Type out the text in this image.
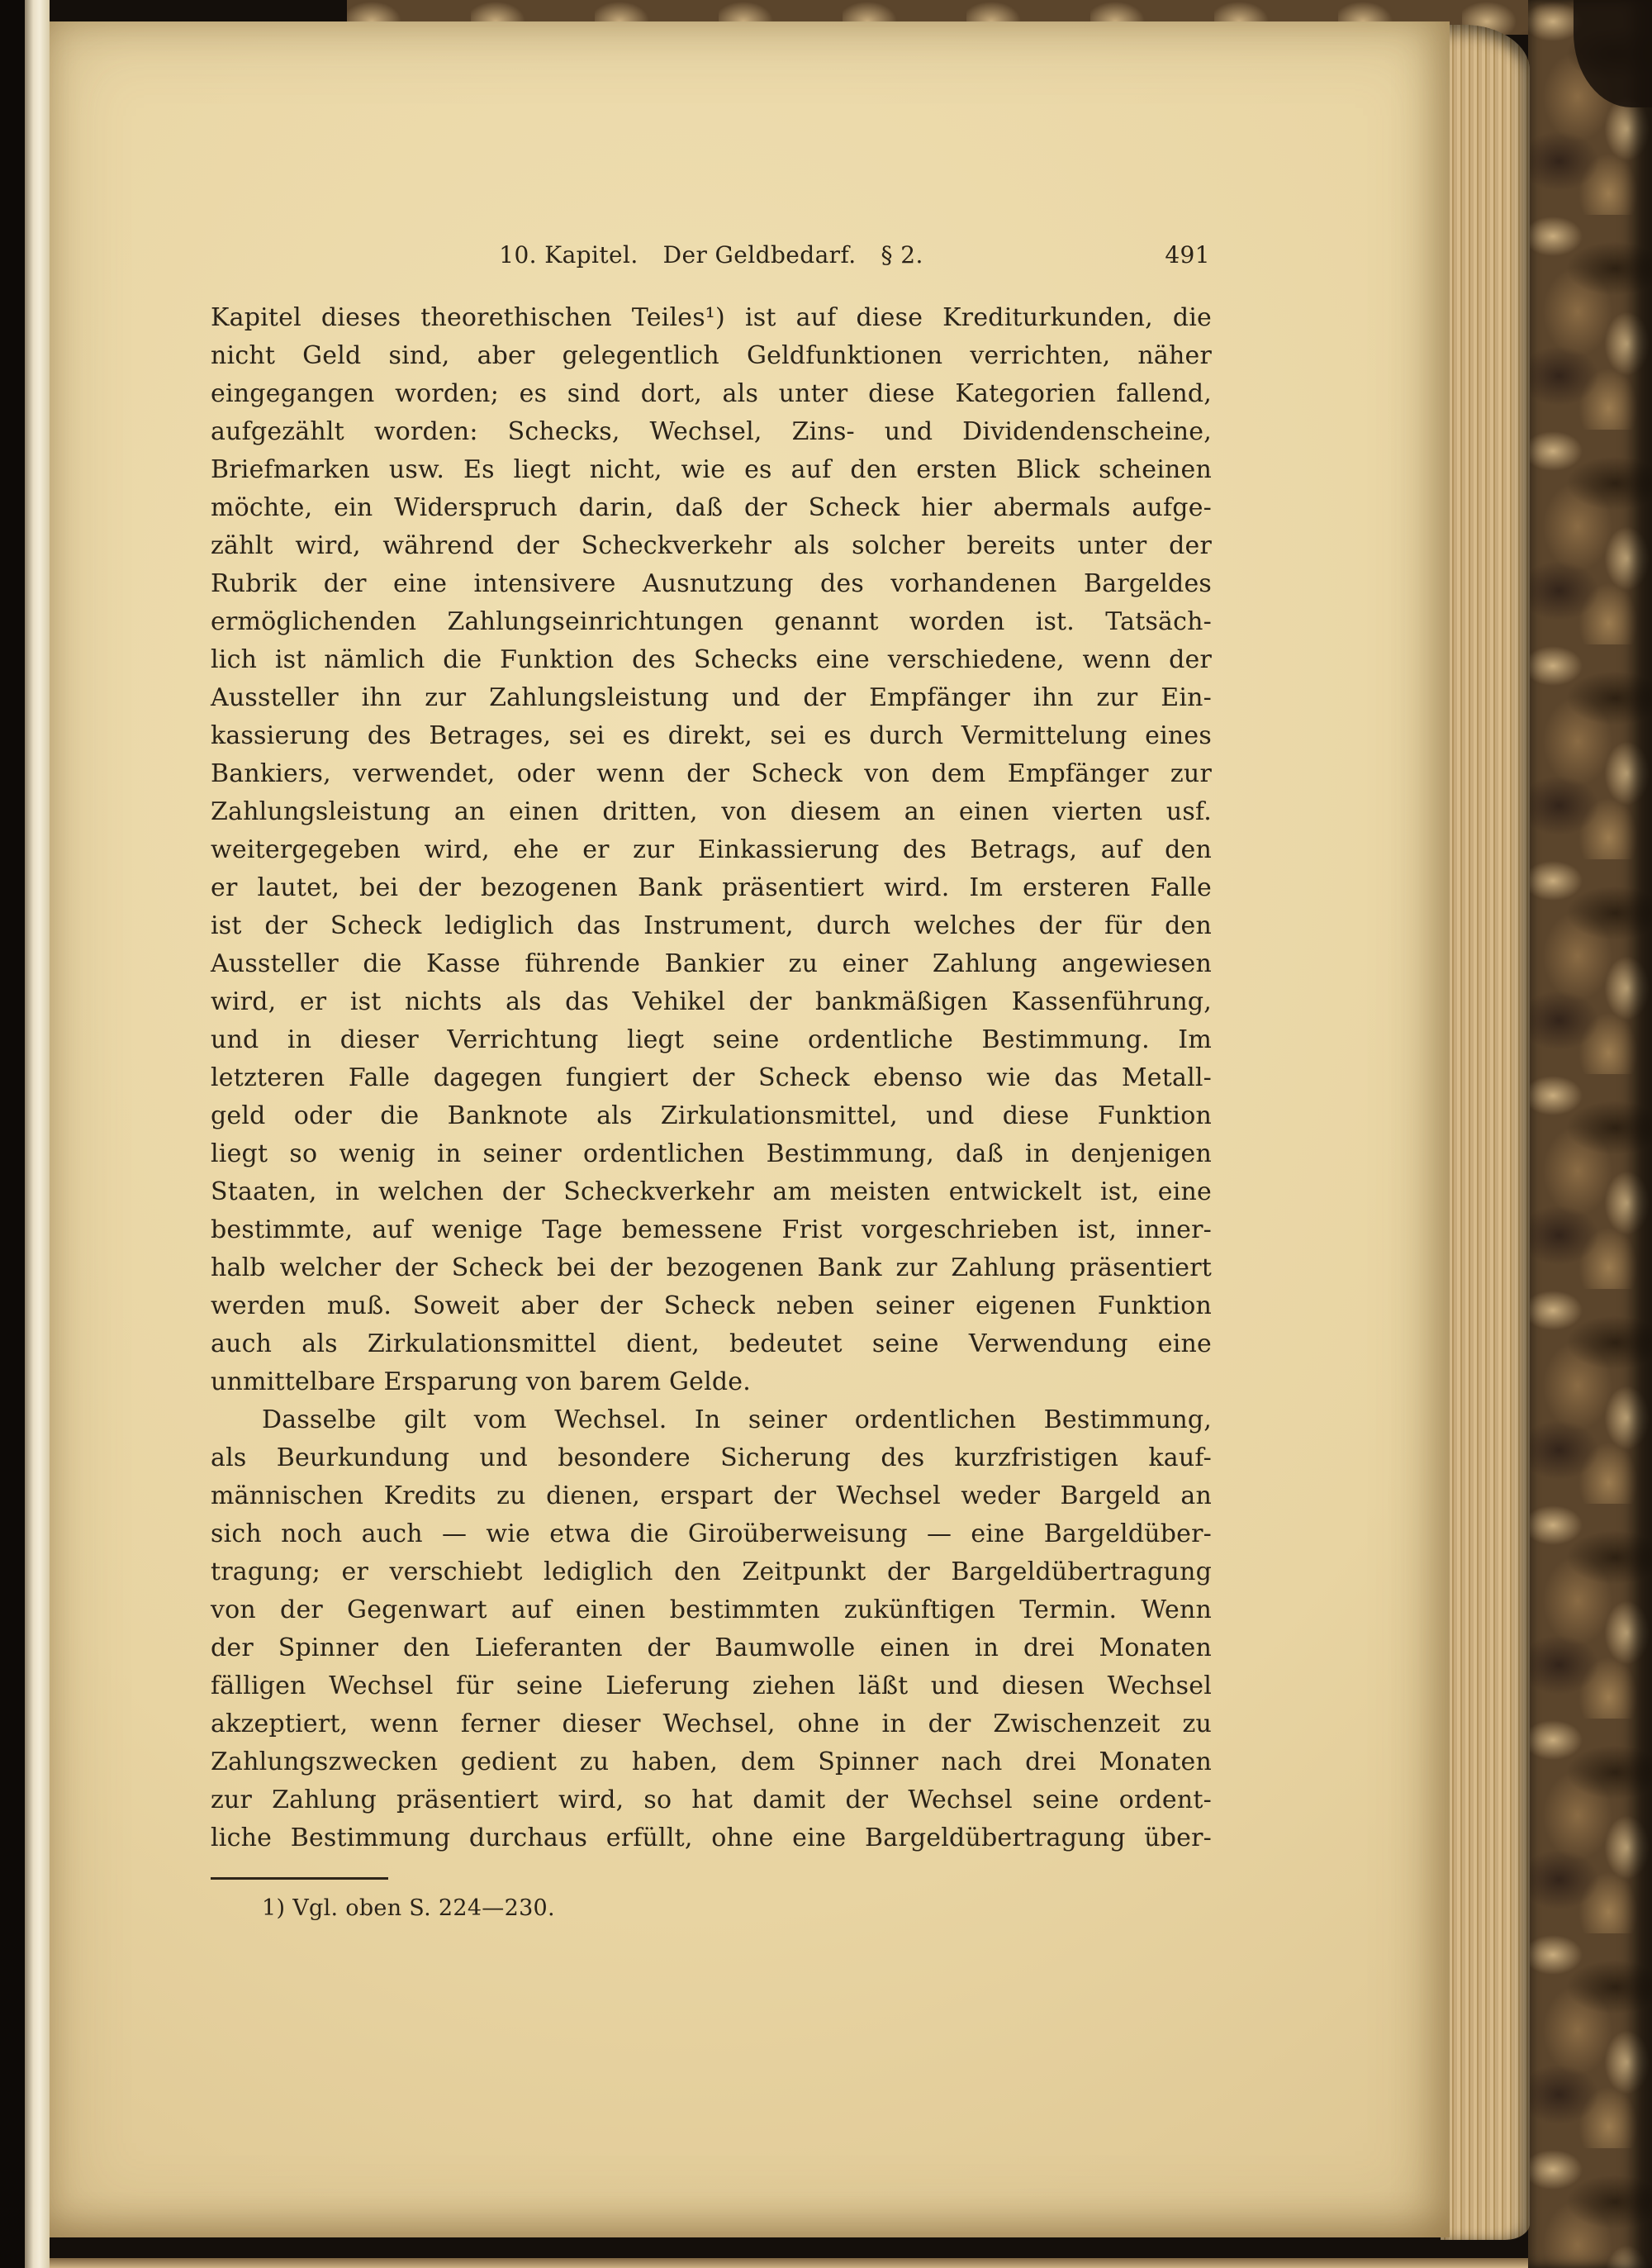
10. Kapitel. Der Geldbedarf. § 2.	491
Kapitel dieses theorethischen Teiles¹) ist auf diese Krediturkunden, die
nicht Geld sind, aber gelegentlich Geldfunktionen verrichten, näher
eingegangen worden; es sind dort, als unter diese Kategorien fallend,
aufgezählt worden: Schecks, Wechsel, Zins- und Dividendenscheine,
Briefmarken usw. Es liegt nicht, wie es auf den ersten Blick scheinen
möchte, ein Widerspruch darin, daß der Scheck hier abermals aufge-
zählt wird, während der Scheckverkehr als solcher bereits unter der
Rubrik der eine intensivere Ausnutzung des vorhandenen Bargeldes
ermöglichenden Zahlungseinrichtungen genannt worden ist. Tatsäch-
lich ist nämlich die Funktion des Schecks eine verschiedene, wenn der
Aussteller ihn zur Zahlungsleistung und der Empfänger ihn zur Ein-
kassierung des Betrages, sei es direkt, sei es durch Vermittelung eines
Bankiers, verwendet, oder wenn der Scheck von dem Empfänger zur
Zahlungsleistung an einen dritten, von diesem an einen vierten usf.
weitergegeben wird, ehe er zur Einkassierung des Betrags, auf den
er lautet, bei der bezogenen Bank präsentiert wird. Im ersteren Falle
ist der Scheck lediglich das Instrument, durch welches der für den
Aussteller die Kasse führende Bankier zu einer Zahlung angewiesen
wird, er ist nichts als das Vehikel der bankmäßigen Kassenführung,
und in dieser Verrichtung liegt seine ordentliche Bestimmung. Im
letzteren Falle dagegen fungiert der Scheck ebenso wie das Metall-
geld oder die Banknote als Zirkulationsmittel, und diese Funktion
liegt so wenig in seiner ordentlichen Bestimmung, daß in denjenigen
Staaten, in welchen der Scheckverkehr am meisten entwickelt ist, eine
bestimmte, auf wenige Tage bemessene Frist vorgeschrieben ist, inner-
halb welcher der Scheck bei der bezogenen Bank zur Zahlung präsentiert
werden muß. Soweit aber der Scheck neben seiner eigenen Funktion
auch als Zirkulationsmittel dient, bedeutet seine Verwendung eine
unmittelbare Ersparung von barem Gelde.
Dasselbe gilt vom Wechsel. In seiner ordentlichen Bestimmung,
als Beurkundung und besondere Sicherung des kurzfristigen kauf-
männischen Kredits zu dienen, erspart der Wechsel weder Bargeld an
sich noch auch — wie etwa die Giroüberweisung — eine Bargeldüber-
tragung; er verschiebt lediglich den Zeitpunkt der Bargeldübertragung
von der Gegenwart auf einen bestimmten zukünftigen Termin. Wenn
der Spinner den Lieferanten der Baumwolle einen in drei Monaten
fälligen Wechsel für seine Lieferung ziehen läßt und diesen Wechsel
akzeptiert, wenn ferner dieser Wechsel, ohne in der Zwischenzeit zu
Zahlungszwecken gedient zu haben, dem Spinner nach drei Monaten
zur Zahlung präsentiert wird, so hat damit der Wechsel seine ordent-
liche Bestimmung durchaus erfüllt, ohne eine Bargeldübertragung über-
1) Vgl. oben S. 224—230.
